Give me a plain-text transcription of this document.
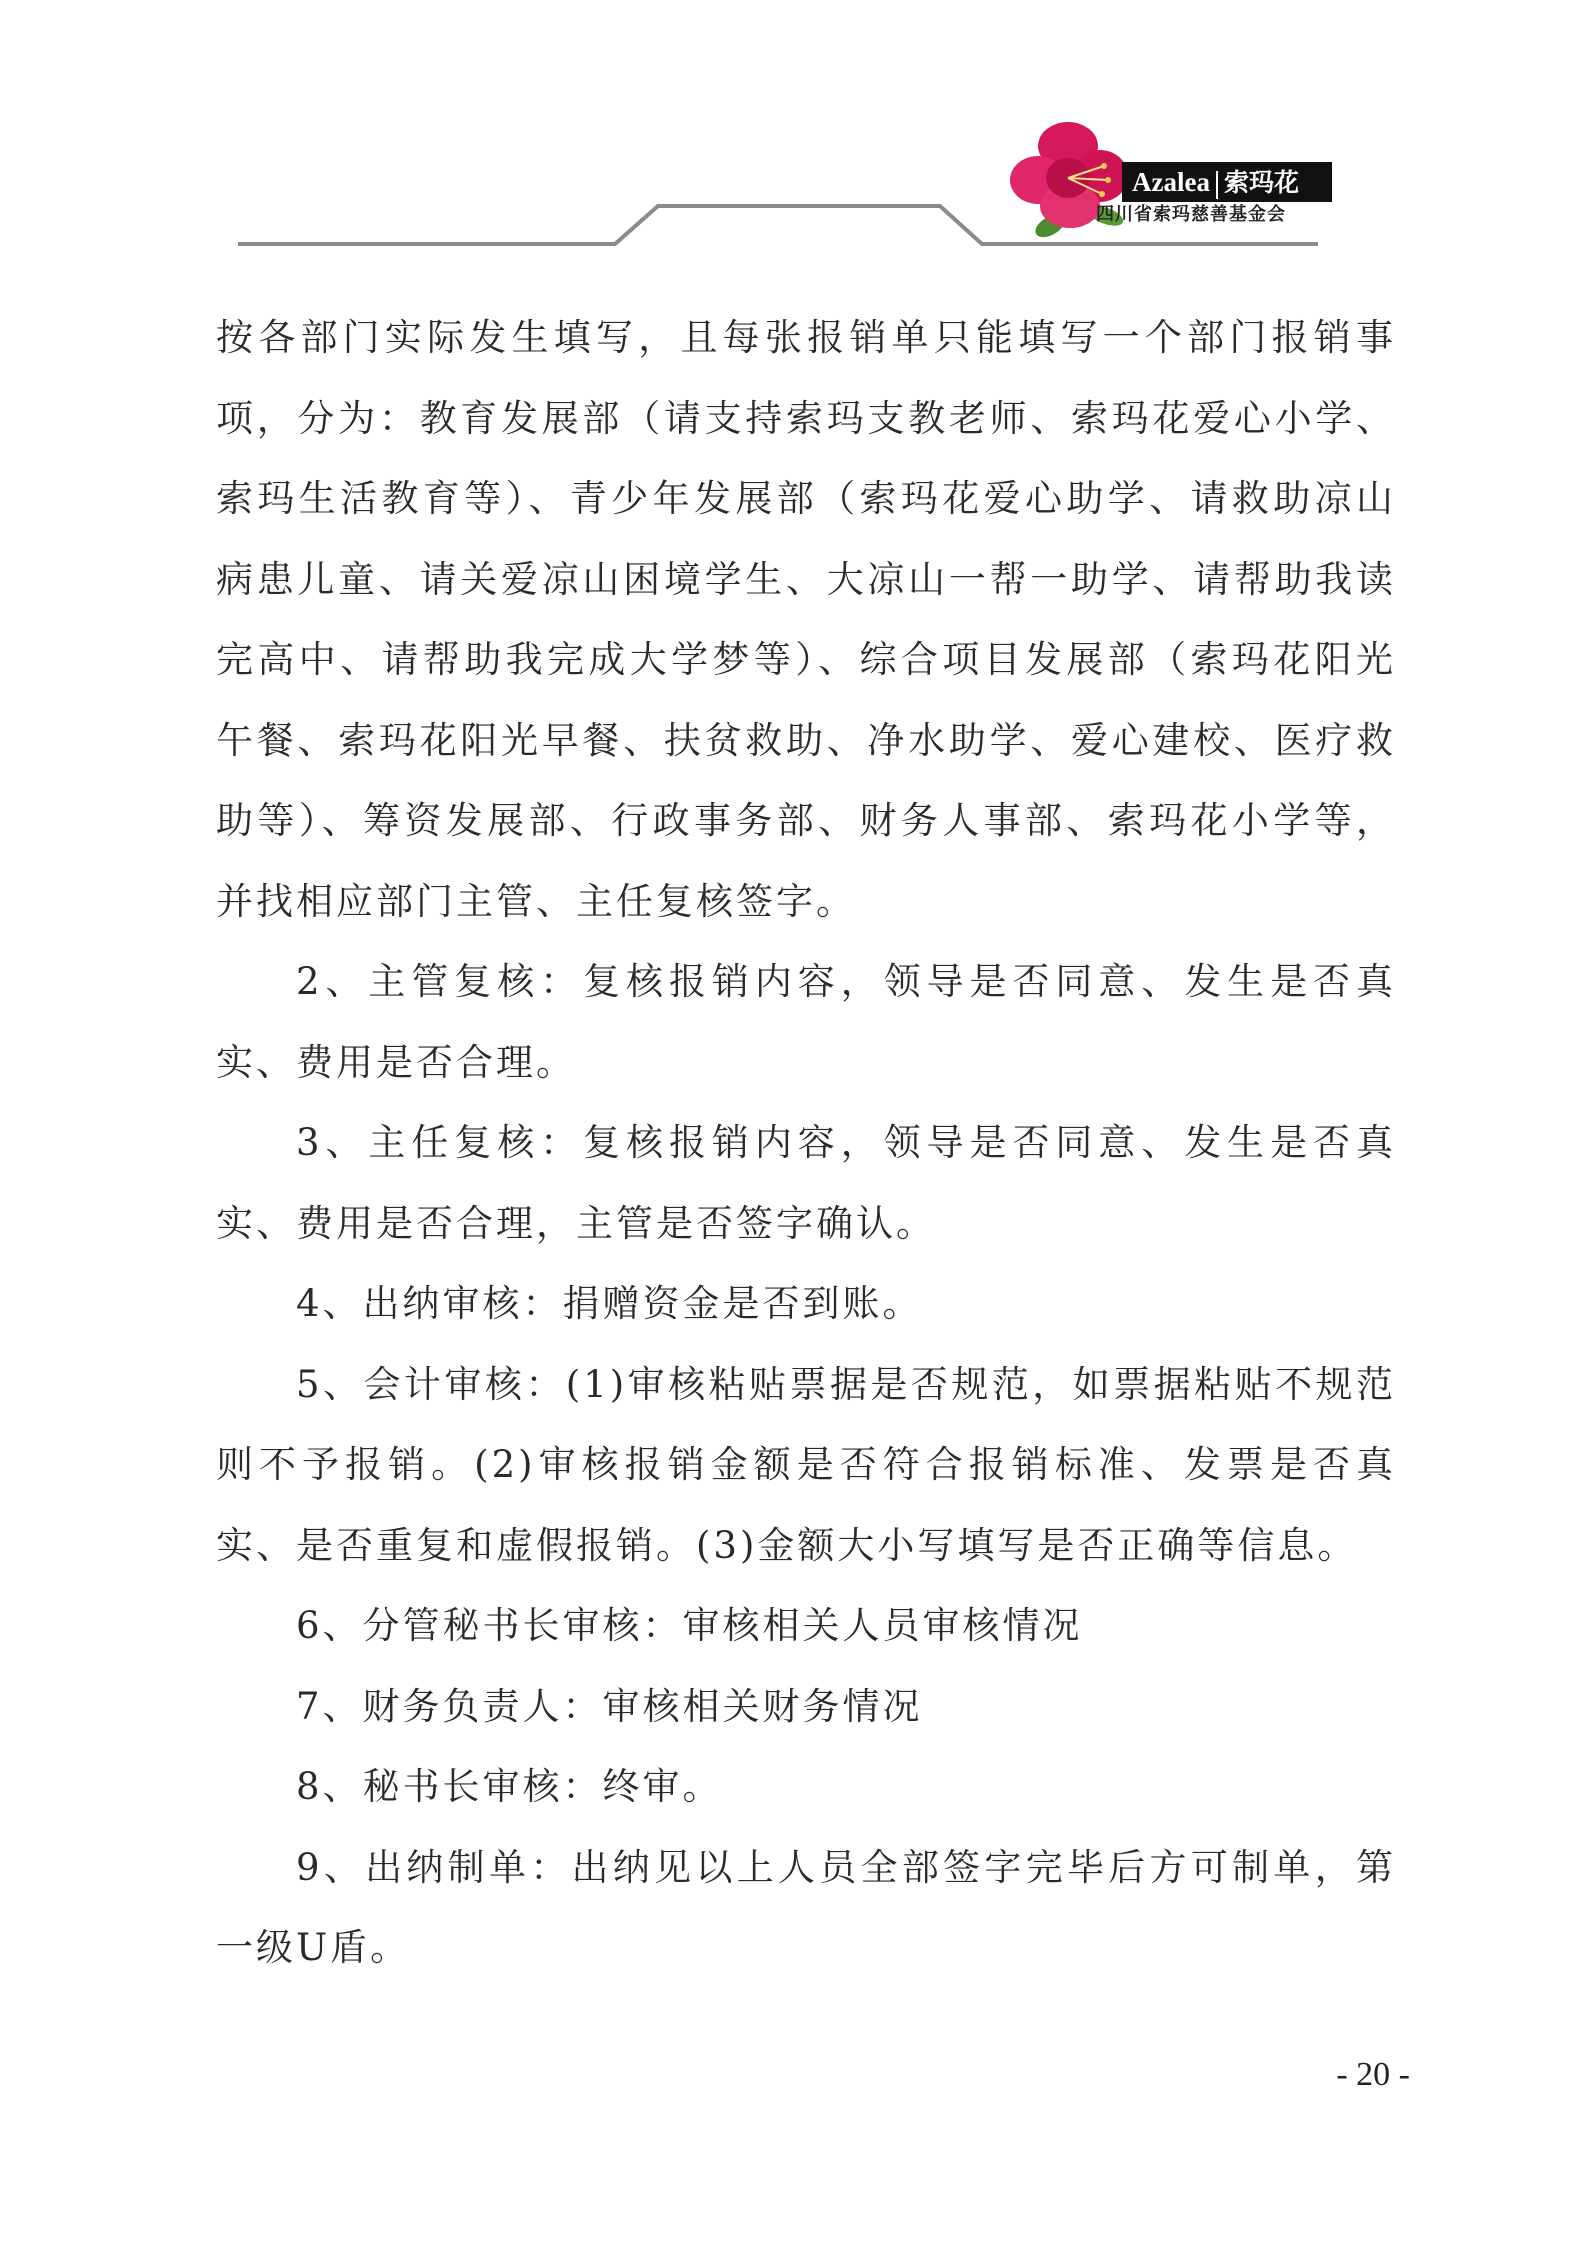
Azalea 索玛花
四川省索玛慈善基金会

按各部门实际发生填写，且每张报销单只能填写一个部门报销事项，分为：教育发展部（请支持索玛支教老师、索玛花爱心小学、索玛生活教育等）、青少年发展部（索玛花爱心助学、请救助凉山病患儿童、请关爱凉山困境学生、大凉山一帮一助学、请帮助我读完高中、请帮助我完成大学梦等）、综合项目发展部（索玛花阳光午餐、索玛花阳光早餐、扶贫救助、净水助学、爱心建校、医疗救助等）、筹资发展部、行政事务部、财务人事部、索玛花小学等，并找相应部门主管、主任复核签字。

2、主管复核：复核报销内容，领导是否同意、发生是否真实、费用是否合理。

3、主任复核：复核报销内容，领导是否同意、发生是否真实、费用是否合理，主管是否签字确认。

4、出纳审核：捐赠资金是否到账。

5、会计审核：(1)审核粘贴票据是否规范，如票据粘贴不规范则不予报销。(2)审核报销金额是否符合报销标准、发票是否真实、是否重复和虚假报销。(3)金额大小写填写是否正确等信息。

6、分管秘书长审核：审核相关人员审核情况

7、财务负责人：审核相关财务情况

8、秘书长审核：终审。

9、出纳制单：出纳见以上人员全部签字完毕后方可制单，第一级U盾。

- 20 -
